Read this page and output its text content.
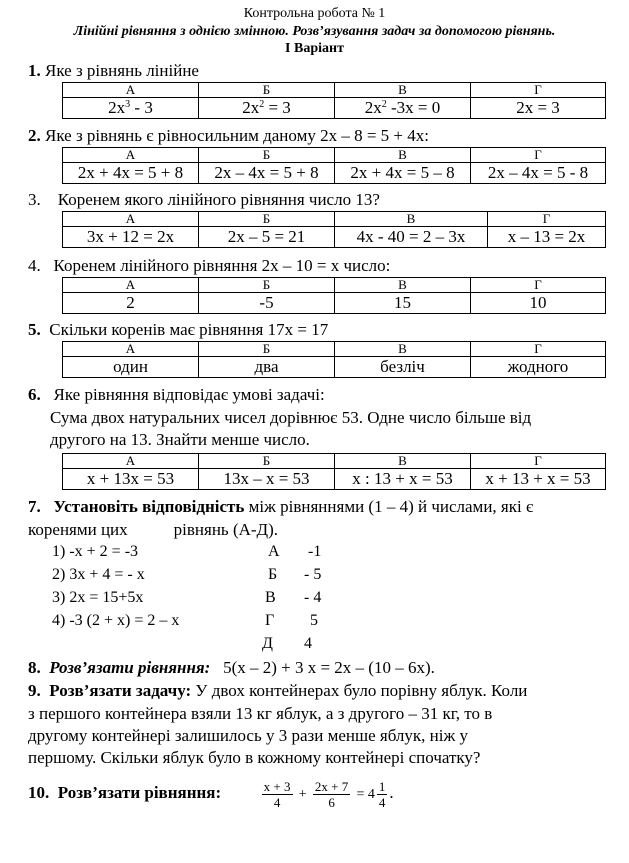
Контрольна робота № 1
Лінійні рівняння з однією змінною. Розв’язування задач за допомогою рівнянь.
І Варіант
1. Яке з рівнянь лінійне
А	Б	В	Г
$2x^3 - 3$	$2x^2 = 3$	$2x^2$ -3x = 0	2x = 3
2. Яке з рівнянь є рівносильним даному 2x – 8 = 5 + 4x:
А	Б	В	Г
2x + 4x = 5 + 8	2x – 4x = 5 + 8	2x + 4x = 5 – 8	2x – 4x = 5 - 8
3. Коренем якого лінійного рівняння число 13?
А	Б	В	Г
3x + 12 = 2x	2x – 5 = 21	4x - 40 = 2 – 3x	x – 13 = 2x
4. Коренем лінійного рівняння 2x – 10 = x число:
А	Б	В	Г
2	-5	15	10
5. Скільки коренів має рівняння 17x = 17
А	Б	В	Г
один	два	безліч	жодного
6. Яке рівняння відповідає умові задачі:
Сума двох натуральних чисел дорівнює 53. Одне число більше від
другого на 13. Знайти менше число.
А	Б	В	Г
x + 13x = 53	13x – x = 53	x : 13 + x = 53	x + 13 + x = 53
7. Установіть відповідність між рівняннями (1 – 4) й числами, які є
коренями цих	рівнянь (А-Д).
1) -x + 2 = -3
2) 3x + 4 = - x
3) 2x = 15+5x
4) -3 (2 + x) = 2 – x
А -1
Б - 5
В - 4
Г 5
Д 4
8. Розв’язати рівняння: 5(x – 2) + 3 x = 2x – (10 – 6x).
9. Розв’язати задачу: У двох контейнерах було порівну яблук. Коли
з першого контейнера взяли 13 кг яблук, а з другого – 31 кг, то в
другому контейнері залишилось у 3 рази менше яблук, ніж у
першому. Скільки яблук було в кожному контейнері спочатку?
10. Розв’язати рівняння:	$\frac{x + 3}{4} + \frac{2x + 7}{6} = 4 \frac{1}{4}$ .
